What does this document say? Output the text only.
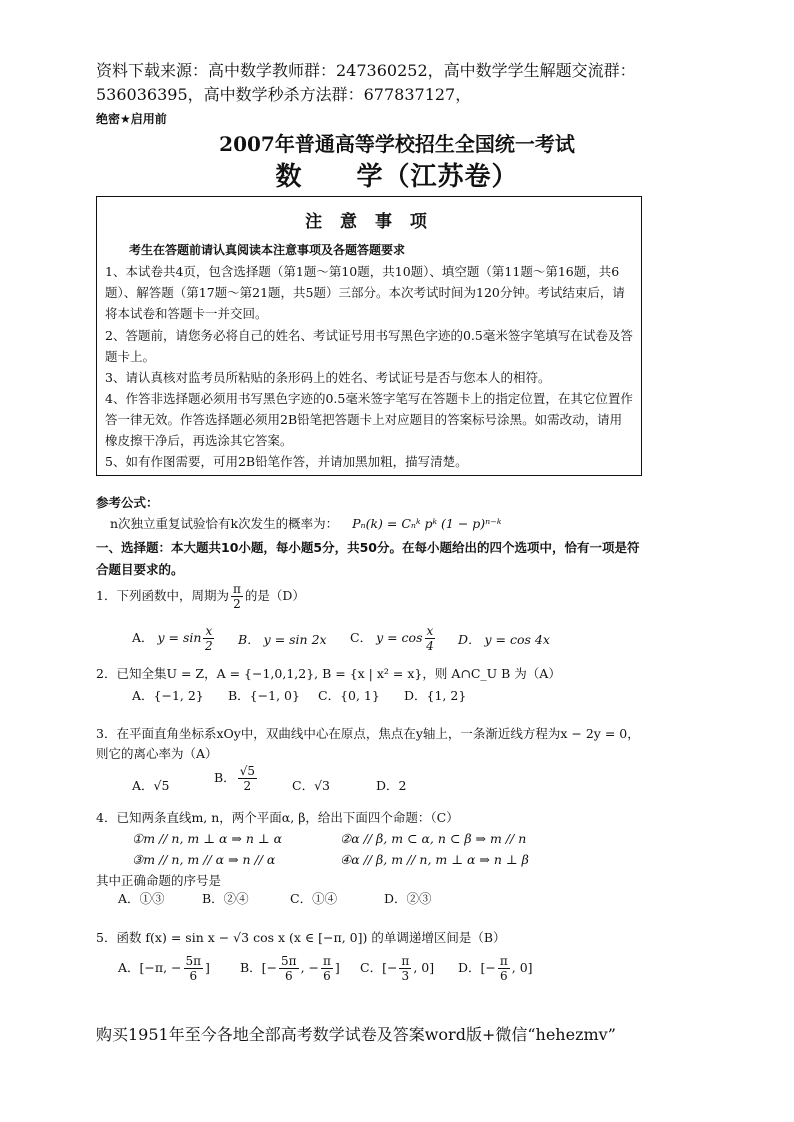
资料下载来源：高中数学教师群：247360252，高中数学学生解题交流群：
536036395，高中数学秒杀方法群：677837127，
绝密★启用前
2007年普通高等学校招生全国统一考试
数　　学（江苏卷）
注 意 事 项
考生在答题前请认真阅读本注意事项及各题答题要求
1、本试卷共4页，包含选择题（第1题～第10题，共10题）、填空题（第11题～第16题，共6题）、解答题（第17题～第21题，共5题）三部分。本次考试时间为120分钟。考试结束后，请将本试卷和答题卡一并交回。
2、答题前，请您务必将自己的姓名、考试证号用书写黑色字迹的0.5毫米签字笔填写在试卷及答题卡上。
3、请认真核对监考员所粘贴的条形码上的姓名、考试证号是否与您本人的相符。
4、作答非选择题必须用书写黑色字迹的0.5毫米签字笔写在答题卡上的指定位置，在其它位置作答一律无效。作答选择题必须用2B铅笔把答题卡上对应题目的答案标号涂黑。如需改动，请用橡皮擦干净后，再选涂其它答案。
5、如有作图需要，可用2B铅笔作答，并请加黑加粗，描写清楚。
参考公式：
n次独立重复试验恰有k次发生的概率为： Pₙ(k) = Cₙᵏ pᵏ (1 − p)ⁿ⁻ᵏ
一、选择题：本大题共10小题，每小题5分，共50分。在每小题给出的四个选项中，恰有一项是符
合题目要求的。
1．下列函数中，周期为 $\frac{\pi}{2}$ 的是（D）
A． $y = \sin \frac{x}{2}$ B． y = sin 2x C． $y = \cos \frac{x}{4}$ D． y = cos 4x
2．已知全集U = Z，A = {−1,0,1,2}, B = {x | x² = x}，则 A∩C_U B 为（A）
A．{−1, 2} B．{−1, 0} C．{0, 1} D．{1, 2}
3．在平面直角坐标系xOy中，双曲线中心在原点，焦点在y轴上，一条渐近线方程为x − 2y = 0，
则它的离心率为（A）
A．√5
B． $\frac{√5}{2}$	C．√3	D．2
4．已知两条直线m, n，两个平面α, β，给出下面四个命题：（C）
①m // n, m ⊥ α ⇒ n ⊥ α	②α // β, m ⊂ α, n ⊂ β ⇒ m // n
③m // n, m // α ⇒ n // α	④α // β, m // n, m ⊥ α ⇒ n ⊥ β
其中正确命题的序号是
A．①③	B．②④	C．①④	D．②③
5．函数 f(x) = sin x − √3 cos x (x ∈ [−π, 0]) 的单调递增区间是（B）
A．[−π, − $\frac{5\pi}{6}$ ] B．[− $\frac{5\pi}{6}$ , − $\frac{\pi}{6}$ ] C．[− $\frac{\pi}{3}$ , 0] D．[− $\frac{\pi}{6}$ , 0]
购买1951年至今各地全部高考数学试卷及答案word版+微信“hehezmv”
